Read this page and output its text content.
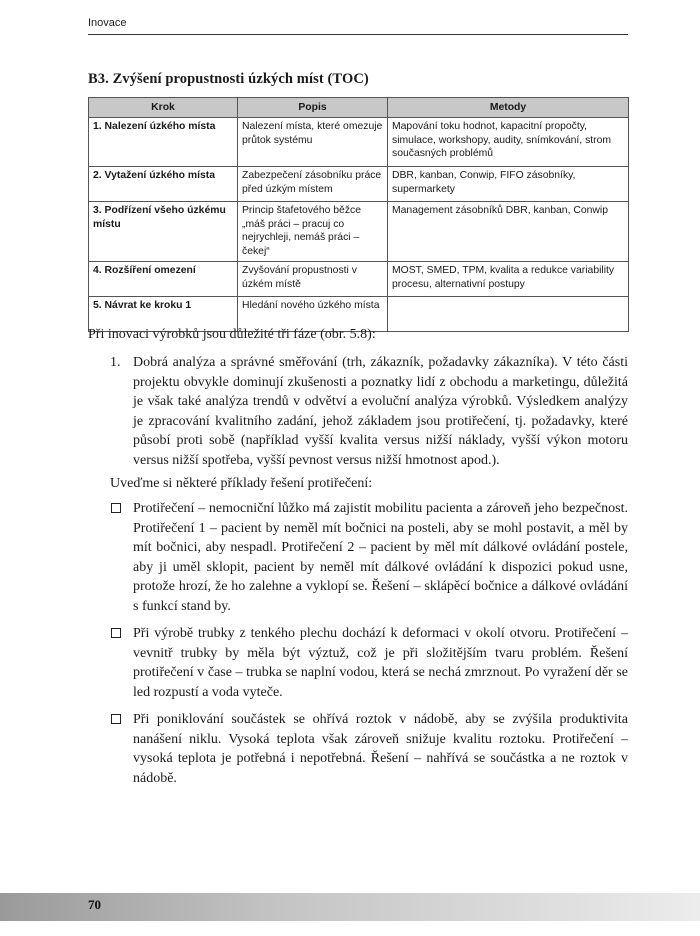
Inovace
B3. Zvýšení propustnosti úzkých míst (TOC)
Krok	Popis	Metody
1. Nalezení úzkého místa	Nalezení místa, které omezuje průtok systému	Mapování toku hodnot, kapacitní propočty, simulace, workshopy, audity, snímkování, strom současných problémů
2. Vytažení úzkého místa	Zabezpečení zásobníku práce před úzkým místem	DBR, kanban, Conwip, FIFO zásobníky, supermarkety
3. Podřízení všeho úzkému místu	Princip štafetového běžce „máš práci – pracuj co nejrychleji, nemáš práci – čekej“	Management zásobníků DBR, kanban, Conwip
4. Rozšíření omezení	Zvyšování propustnosti v úzkém místě	MOST, SMED, TPM, kvalita a redukce variability procesu, alternativní postupy
5. Návrat ke kroku 1	Hledání nového úzkého místa	
Při inovaci výrobků jsou důležité tři fáze (obr. 5.8):
1. Dobrá analýza a správné směřování (trh, zákazník, požadavky zákazníka). V této části projektu obvykle dominují zkušenosti a poznatky lidí z obchodu a marketingu, důležitá je však také analýza trendů v odvětví a evoluční analýza výrobků. Výsledkem analýzy je zpracování kvalitního zadání, jehož základem jsou protiřečení, tj. požadavky, které působí proti sobě (například vyšší kvalita versus nižší náklady, vyšší výkon motoru versus nižší spotřeba, vyšší pevnost versus nižší hmotnost apod.).
Uveďme si některé příklady řešení protiřečení:
Protiřečení – nemocniční lůžko má zajistit mobilitu pacienta a zároveň jeho bezpečnost. Protiřečení 1 – pacient by neměl mít bočnici na posteli, aby se mohl postavit, a měl by mít bočnici, aby nespadl. Protiřečení 2 – pacient by měl mít dálkové ovládání postele, aby ji uměl sklopit, pacient by neměl mít dálkové ovládání k dispozici pokud usne, protože hrozí, že ho zalehne a vyklopí se. Řešení – sklápěcí bočnice a dálkové ovládání s funkcí stand by.
Při výrobě trubky z tenkého plechu dochází k deformaci v okolí otvoru. Protiřečení – vevnitř trubky by měla být výztuž, což je při složitějším tvaru problém. Řešení protiřečení v čase – trubka se naplní vodou, která se nechá zmrznout. Po vyražení děr se led rozpustí a voda vyteče.
Při poniklování součástek se ohřívá roztok v nádobě, aby se zvýšila produktivita nanášení niklu. Vysoká teplota však zároveň snižuje kvalitu roztoku. Protiřečení – vysoká teplota je potřebná i nepotřebná. Řešení – nahřívá se součástka a ne roztok v nádobě.
70
